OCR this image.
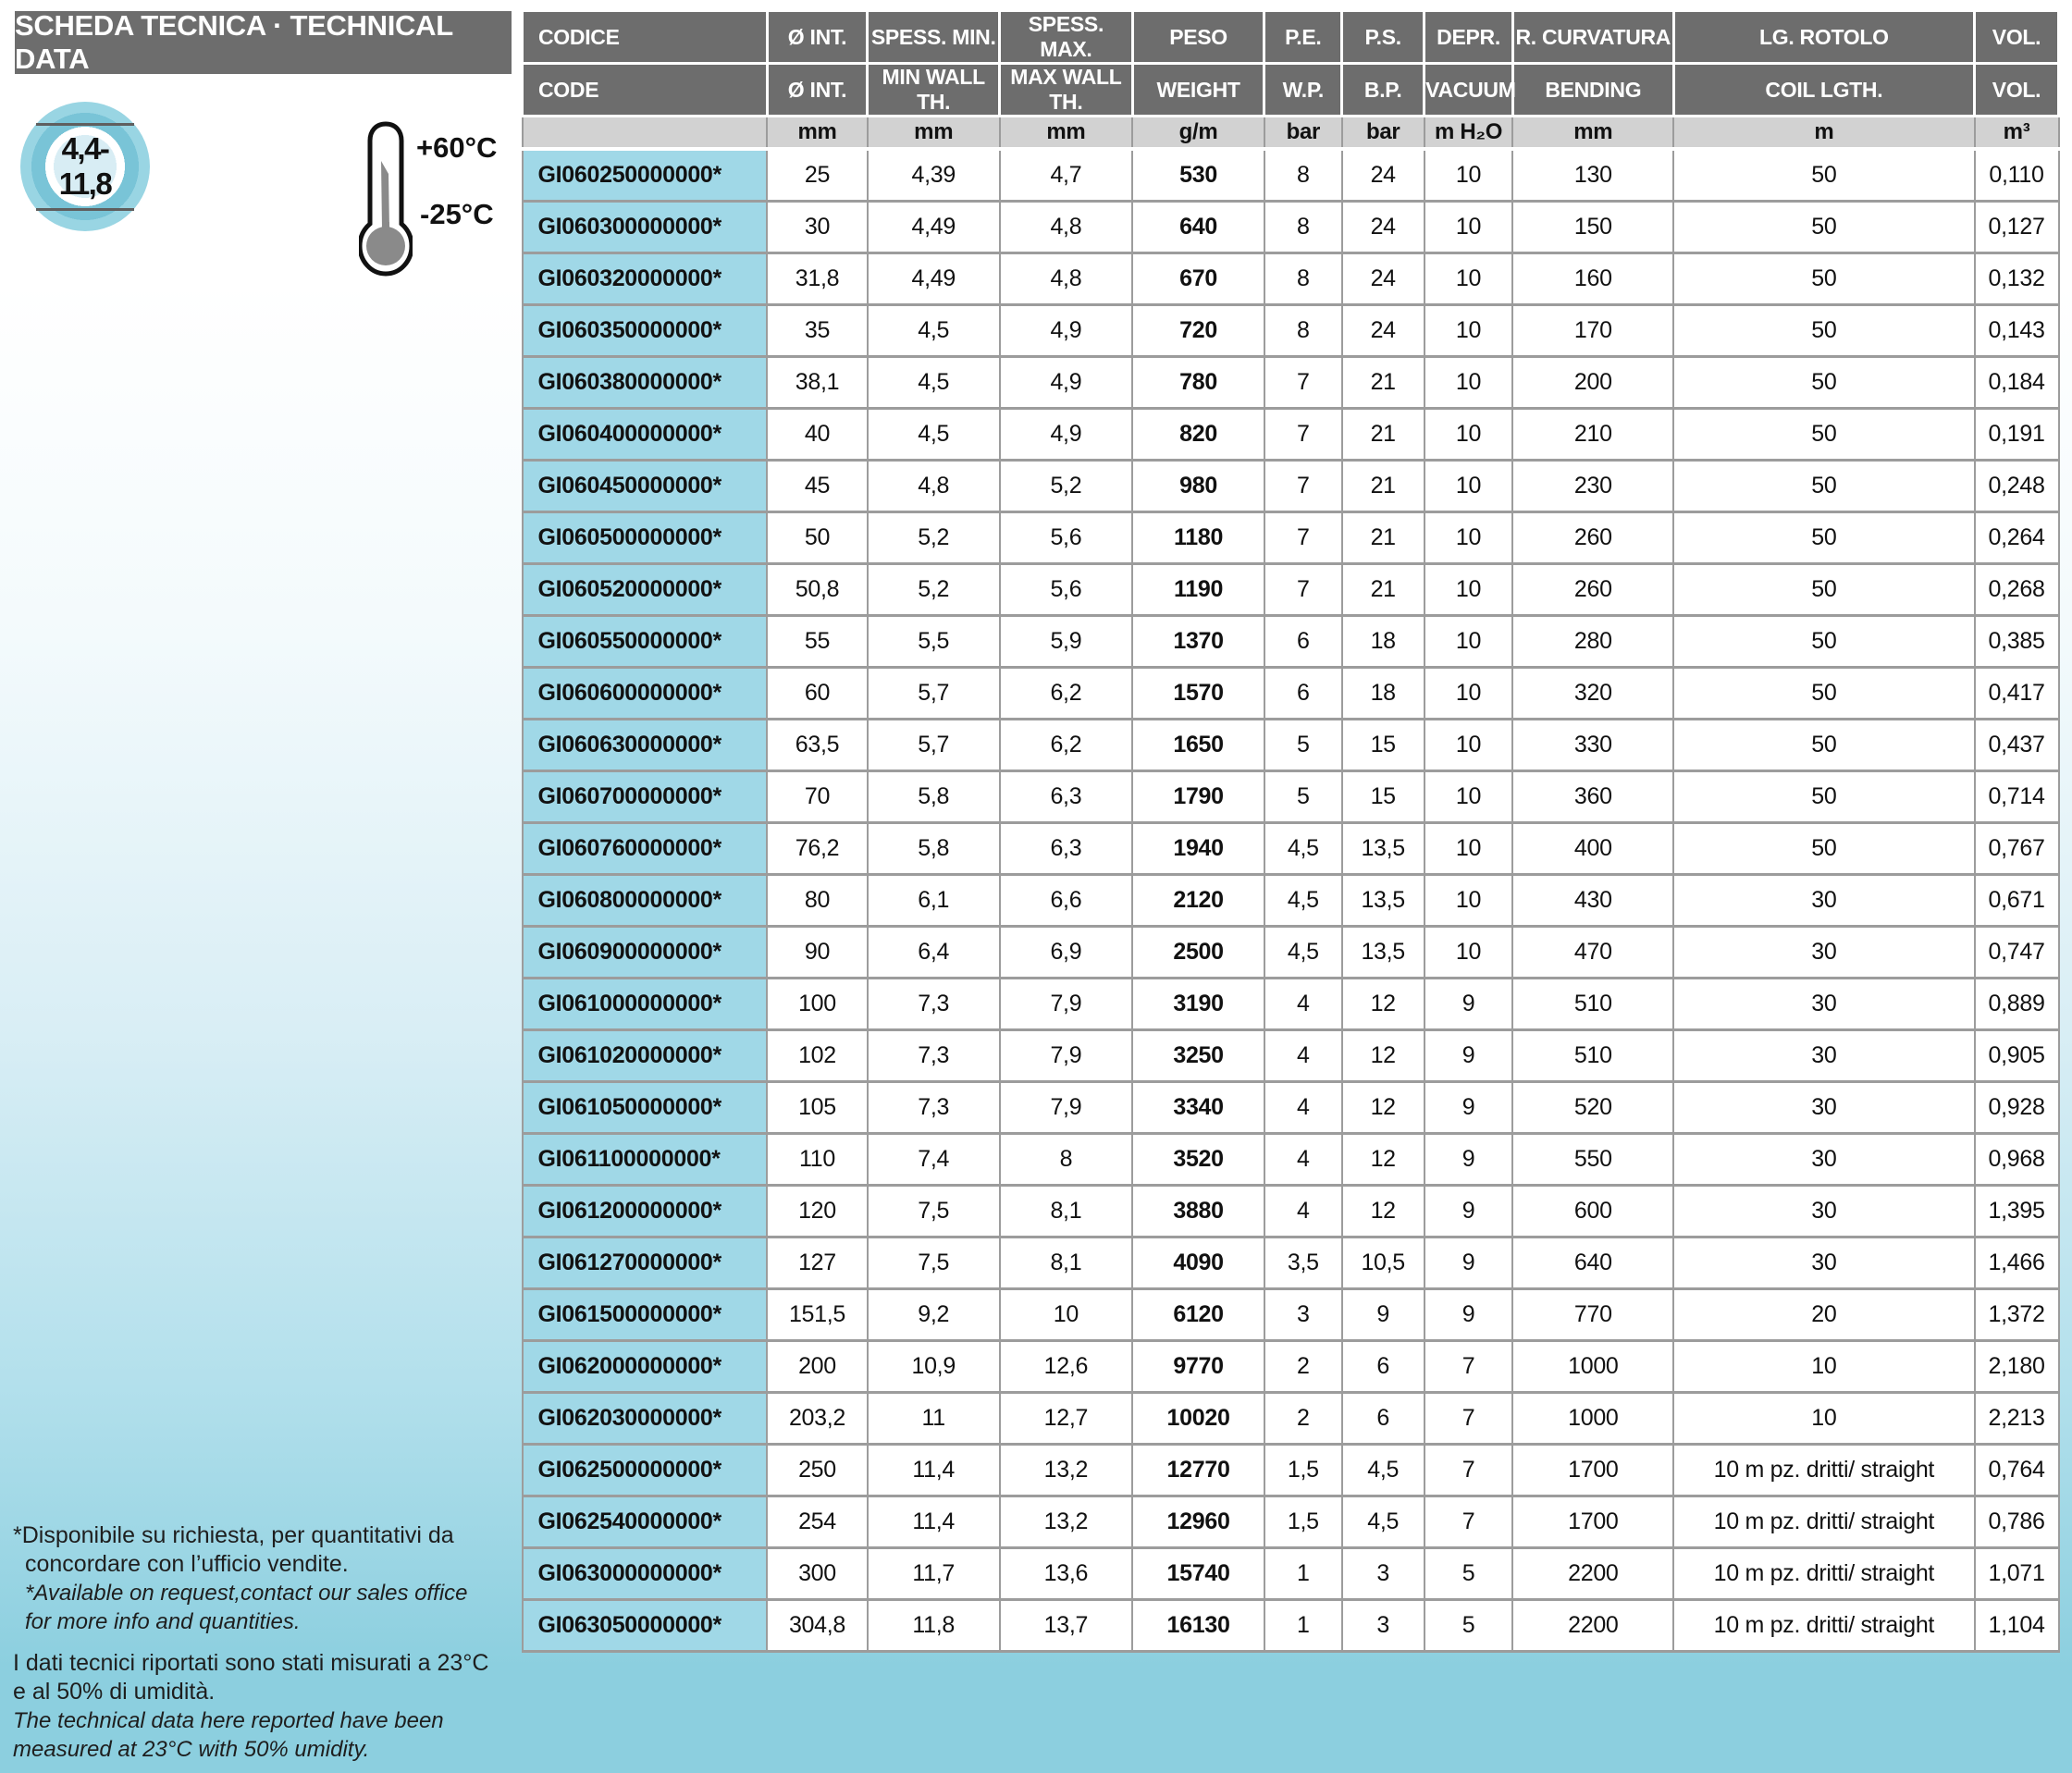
SCHEDA TECNICA · TECHNICAL DATA
4,4-11,8
+60°C
-25°C
CODICE	Ø INT.	SPESS. MIN.	SPESS. MAX.	PESO	P.E.	P.S.	DEPR.	R. CURVATURA	LG. ROTOLO	VOL.
CODE	Ø INT.	MIN WALL TH.	MAX WALL TH.	WEIGHT	W.P.	B.P.	VACUUM	BENDING	COIL LGTH.	VOL.
	mm	mm	mm	g/m	bar	bar	m H₂O	mm	m	m³
GI060250000000*	25	4,39	4,7	530	8	24	10	130	50	0,110
GI060300000000*	30	4,49	4,8	640	8	24	10	150	50	0,127
GI060320000000*	31,8	4,49	4,8	670	8	24	10	160	50	0,132
GI060350000000*	35	4,5	4,9	720	8	24	10	170	50	0,143
GI060380000000*	38,1	4,5	4,9	780	7	21	10	200	50	0,184
GI060400000000*	40	4,5	4,9	820	7	21	10	210	50	0,191
GI060450000000*	45	4,8	5,2	980	7	21	10	230	50	0,248
GI060500000000*	50	5,2	5,6	1180	7	21	10	260	50	0,264
GI060520000000*	50,8	5,2	5,6	1190	7	21	10	260	50	0,268
GI060550000000*	55	5,5	5,9	1370	6	18	10	280	50	0,385
GI060600000000*	60	5,7	6,2	1570	6	18	10	320	50	0,417
GI060630000000*	63,5	5,7	6,2	1650	5	15	10	330	50	0,437
GI060700000000*	70	5,8	6,3	1790	5	15	10	360	50	0,714
GI060760000000*	76,2	5,8	6,3	1940	4,5	13,5	10	400	50	0,767
GI060800000000*	80	6,1	6,6	2120	4,5	13,5	10	430	30	0,671
GI060900000000*	90	6,4	6,9	2500	4,5	13,5	10	470	30	0,747
GI061000000000*	100	7,3	7,9	3190	4	12	9	510	30	0,889
GI061020000000*	102	7,3	7,9	3250	4	12	9	510	30	0,905
GI061050000000*	105	7,3	7,9	3340	4	12	9	520	30	0,928
GI061100000000*	110	7,4	8	3520	4	12	9	550	30	0,968
GI061200000000*	120	7,5	8,1	3880	4	12	9	600	30	1,395
GI061270000000*	127	7,5	8,1	4090	3,5	10,5	9	640	30	1,466
GI061500000000*	151,5	9,2	10	6120	3	9	9	770	20	1,372
GI062000000000*	200	10,9	12,6	9770	2	6	7	1000	10	2,180
GI062030000000*	203,2	11	12,7	10020	2	6	7	1000	10	2,213
GI062500000000*	250	11,4	13,2	12770	1,5	4,5	7	1700	10 m pz. dritti/ straight	0,764
GI062540000000*	254	11,4	13,2	12960	1,5	4,5	7	1700	10 m pz. dritti/ straight	0,786
GI063000000000*	300	11,7	13,6	15740	1	3	5	2200	10 m pz. dritti/ straight	1,071
GI063050000000*	304,8	11,8	13,7	16130	1	3	5	2200	10 m pz. dritti/ straight	1,104
*Disponibile su richiesta, per quantitativi da
concordare con l’ufficio vendite.
*Available on request,contact our sales office
for more info and quantities.
I dati tecnici riportati sono stati misurati a 23°C
e al 50% di umidità.
The technical data here reported have been
measured at 23°C with 50% umidity.
